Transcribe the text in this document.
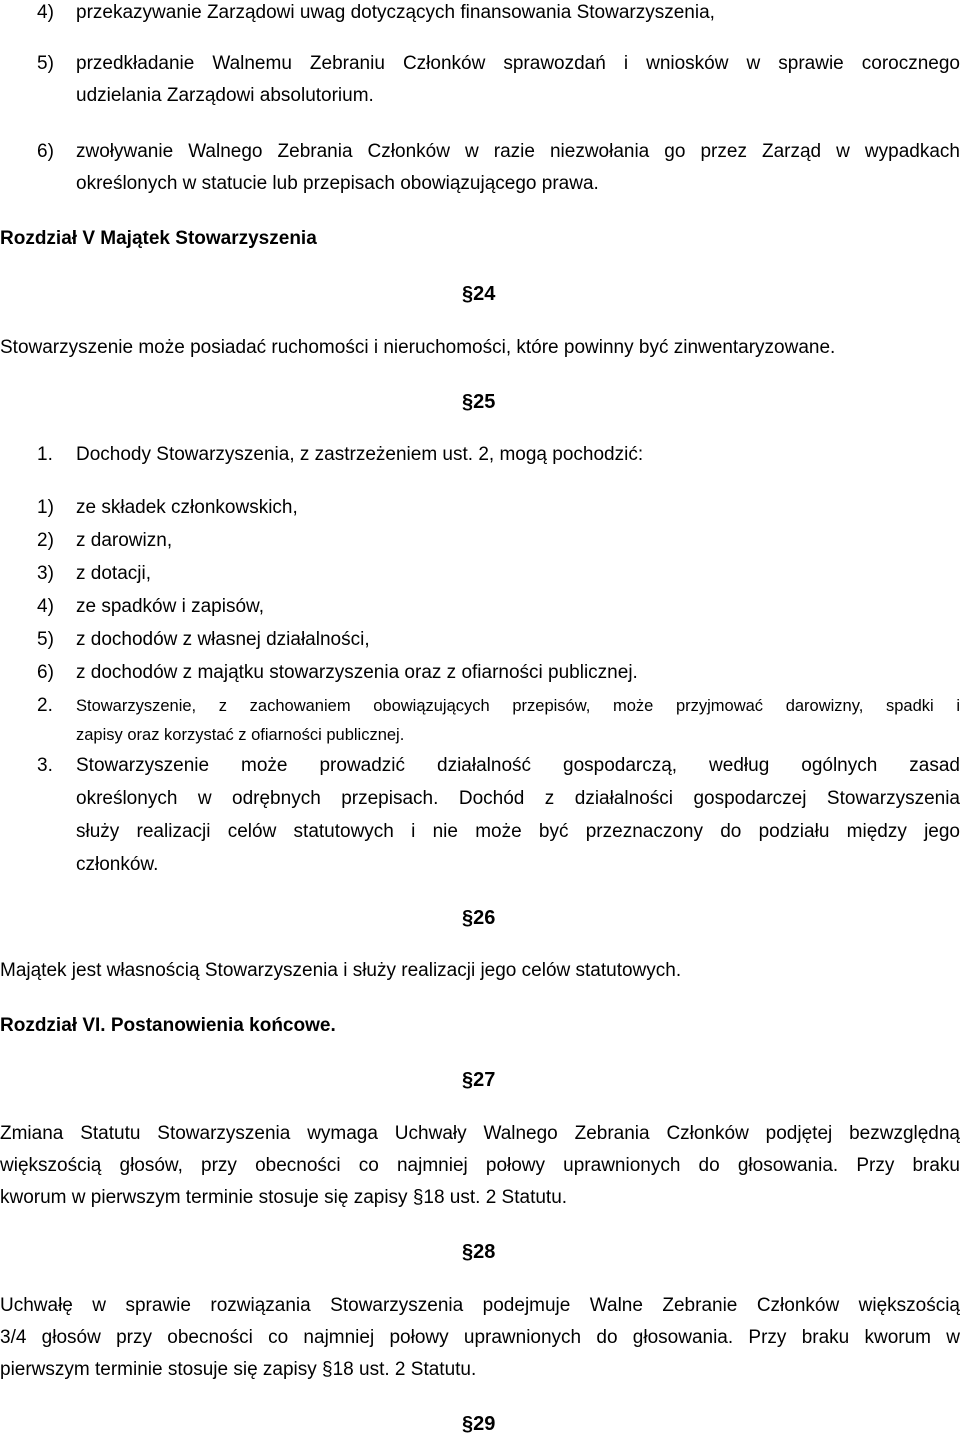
4) przekazywanie Zarządowi uwag dotyczących finansowania Stowarzyszenia,
5) przedkładanie Walnemu Zebraniu Członków sprawozdań i wniosków w sprawie corocznego
udzielania Zarządowi absolutorium.
6) zwoływanie Walnego Zebrania Członków w razie niezwołania go przez Zarząd w wypadkach
określonych w statucie lub przepisach obowiązującego prawa.
Rozdział V Majątek Stowarzyszenia
§24
Stowarzyszenie może posiadać ruchomości i nieruchomości, które powinny być zinwentaryzowane.
§25
1. Dochody Stowarzyszenia, z zastrzeżeniem ust. 2, mogą pochodzić:
1) ze składek członkowskich,
2) z darowizn,
3) z dotacji,
4) ze spadków i zapisów,
5) z dochodów z własnej działalności,
6) z dochodów z majątku stowarzyszenia oraz z ofiarności publicznej.
2. Stowarzyszenie, z zachowaniem obowiązujących przepisów, może przyjmować darowizny, spadki i
zapisy oraz korzystać z ofiarności publicznej.
3. Stowarzyszenie może prowadzić działalność gospodarczą, według ogólnych zasad
określonych w odrębnych przepisach. Dochód z działalności gospodarczej Stowarzyszenia
służy realizacji celów statutowych i nie może być przeznaczony do podziału między jego
członków.
§26
Majątek jest własnością Stowarzyszenia i służy realizacji jego celów statutowych.
Rozdział VI. Postanowienia końcowe.
§27
Zmiana Statutu Stowarzyszenia wymaga Uchwały Walnego Zebrania Członków podjętej bezwzględną
większością głosów, przy obecności co najmniej połowy uprawnionych do głosowania. Przy braku
kworum w pierwszym terminie stosuje się zapisy §18 ust. 2 Statutu.
§28
Uchwałę w sprawie rozwiązania Stowarzyszenia podejmuje Walne Zebranie Członków większością
3/4 głosów przy obecności co najmniej połowy uprawnionych do głosowania. Przy braku kworum w
pierwszym terminie stosuje się zapisy §18 ust. 2 Statutu.
§29
